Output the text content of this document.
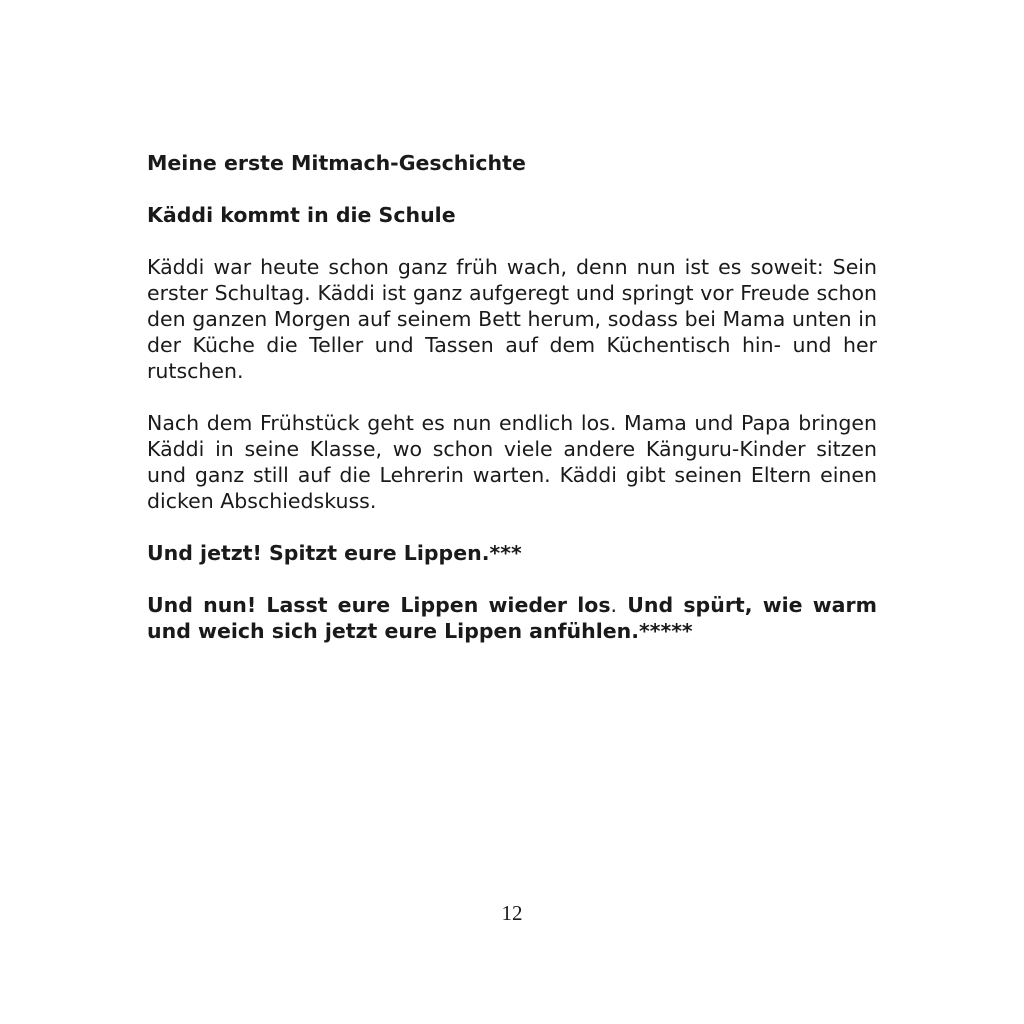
Meine erste Mitmach-Geschichte

Käddi kommt in die Schule

Käddi war heute schon ganz früh wach, denn nun ist es soweit: Sein erster Schultag. Käddi ist ganz aufgeregt und springt vor Freude schon den ganzen Morgen auf seinem Bett herum, sodass bei Mama unten in der Küche die Teller und Tassen auf dem Küchentisch hin- und her rutschen.

Nach dem Frühstück geht es nun endlich los. Mama und Papa bringen Käddi in seine Klasse, wo schon viele andere Känguru-Kinder sitzen und ganz still auf die Lehrerin warten. Käddi gibt seinen Eltern einen dicken Abschiedskuss.

Und jetzt! Spitzt eure Lippen.***

Und nun! Lasst eure Lippen wieder los. Und spürt, wie warm und weich sich jetzt eure Lippen anfühlen.*****

12
